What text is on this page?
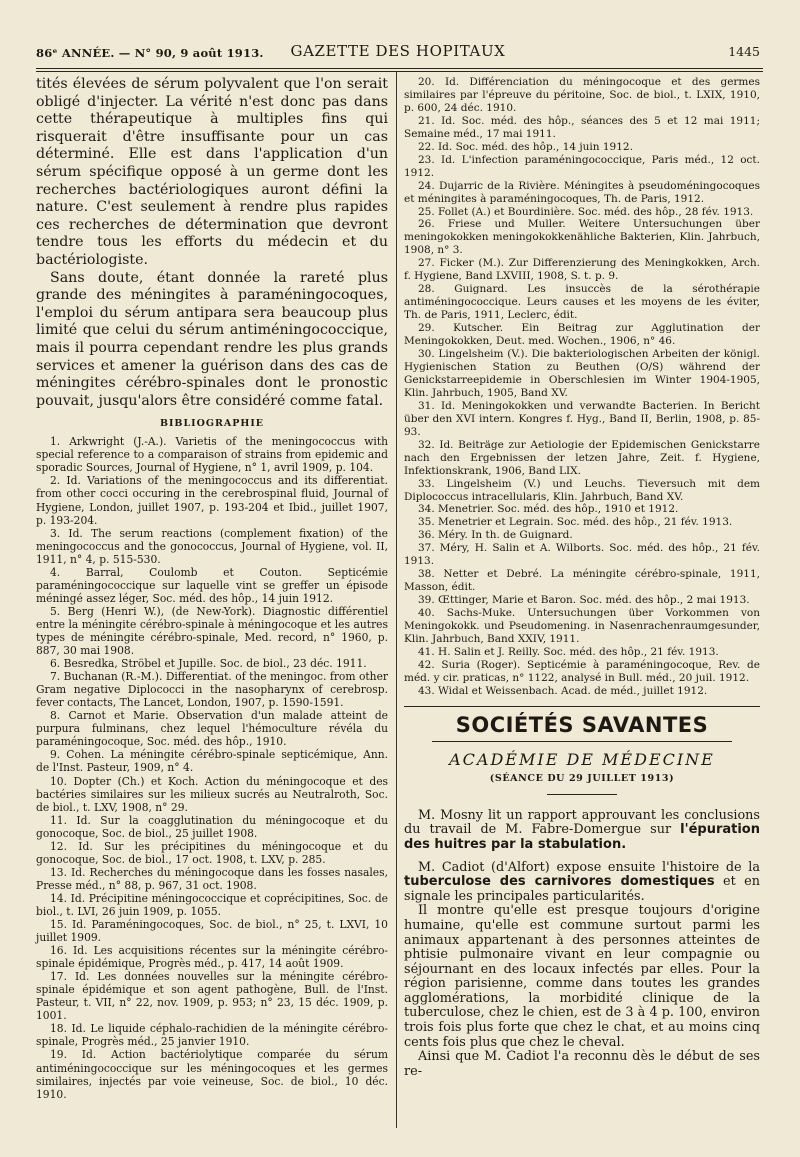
86ᵉ ANNÉE. — N° 90, 9 août 1913.	GAZETTE DES HOPITAUX	1445

tités élevées de sérum polyvalent que l'on serait obligé d'injecter. La vérité n'est donc pas dans cette thérapeutique à multiples fins qui risquerait d'être insuffisante pour un cas déterminé. Elle est dans l'application d'un sérum spécifique opposé à un germe dont les recherches bactériologiques auront défini la nature. C'est seulement à rendre plus rapides ces recherches de détermination que devront tendre tous les efforts du médecin et du bactériologiste.

Sans doute, étant donnée la rareté plus grande des méningites à paraméningocoques, l'emploi du sérum antipara sera beaucoup plus limité que celui du sérum antiméningococcique, mais il pourra cependant rendre les plus grands services et amener la guérison dans des cas de méningites cérébro-spinales dont le pronostic pouvait, jusqu'alors être considéré comme fatal.

BIBLIOGRAPHIE

1. Arkwright (J.-A.). Varietis of the meningococcus with special reference to a comparaison of strains from epidemic and sporadic Sources, Journal of Hygiene, n° 1, avril 1909, p. 104.

2. Id. Variations of the meningococcus and its differentiat. from other cocci occuring in the cerebrospinal fluid, Journal of Hygiene, London, juillet 1907, p. 193-204 et Ibid., juillet 1907, p. 193-204.

3. Id. The serum reactions (complement fixation) of the meningococcus and the gonococcus, Journal of Hygiene, vol. II, 1911, n° 4, p. 515-530.

4. Barral, Coulomb et Couton. Septicémie paraméningococcique sur laquelle vint se greffer un épisode méningé assez léger, Soc. méd. des hôp., 14 juin 1912.

5. Berg (Henri W.), (de New-York). Diagnostic différentiel entre la méningite cérébro-spinale à méningocoque et les autres types de méningite cérébro-spinale, Med. record, n° 1960, p. 887, 30 mai 1908.

6. Besredka, Ströbel et Jupille. Soc. de biol., 23 déc. 1911.

7. Buchanan (R.-M.). Differentiat. of the meningoc. from other Gram negative Diplococci in the nasopharynx of cerebrosp. fever contacts, The Lancet, London, 1907, p. 1590-1591.

8. Carnot et Marie. Observation d'un malade atteint de purpura fulminans, chez lequel l'hémoculture révéla du paraméningocoque, Soc. méd. des hôp., 1910.

9. Cohen. La méningite cérébro-spinale septicémique, Ann. de l'Inst. Pasteur, 1909, n° 4.

10. Dopter (Ch.) et Koch. Action du méningocoque et des bactéries similaires sur les milieux sucrés au Neutralroth, Soc. de biol., t. LXV, 1908, n° 29.

11. Id. Sur la coagglutination du méningocoque et du gonocoque, Soc. de biol., 25 juillet 1908.

12. Id. Sur les précipitines du méningocoque et du gonocoque, Soc. de biol., 17 oct. 1908, t. LXV, p. 285.

13. Id. Recherches du méningocoque dans les fosses nasales, Presse méd., n° 88, p. 967, 31 oct. 1908.

14. Id. Précipitine méningococcique et coprécipitines, Soc. de biol., t. LVI, 26 juin 1909, p. 1055.

15. Id. Paraméningocoques, Soc. de biol., n° 25, t. LXVI, 10 juillet 1909.

16. Id. Les acquisitions récentes sur la méningite cérébro-spinale épidémique, Progrès méd., p. 417, 14 août 1909.

17. Id. Les données nouvelles sur la méningite cérébro-spinale épidémique et son agent pathogène, Bull. de l'Inst. Pasteur, t. VII, n° 22, nov. 1909, p. 953; n° 23, 15 déc. 1909, p. 1001.

18. Id. Le liquide céphalo-rachidien de la méningite cérébro-spinale, Progrès méd., 25 janvier 1910.

19. Id. Action bactériolytique comparée du sérum antiméningococcique sur les méningocoques et les germes similaires, injectés par voie veineuse, Soc. de biol., 10 déc. 1910.

20. Id. Différenciation du méningocoque et des germes similaires par l'épreuve du péritoine, Soc. de biol., t. LXIX, 1910, p. 600, 24 déc. 1910.

21. Id. Soc. méd. des hôp., séances des 5 et 12 mai 1911; Semaine méd., 17 mai 1911.

22. Id. Soc. méd. des hôp., 14 juin 1912.

23. Id. L'infection paraméningococcique, Paris méd., 12 oct. 1912.

24. Dujarric de la Rivière. Méningites à pseudoméningocoques et méningites à paraméningocoques, Th. de Paris, 1912.

25. Follet (A.) et Bourdinière. Soc. méd. des hôp., 28 fév. 1913.

26. Friese und Muller. Weitere Untersuchungen über meningokokken meningokokkenähliche Bakterien, Klin. Jahrbuch, 1908, n° 3.

27. Ficker (M.). Zur Differenzierung des Meningkokken, Arch. f. Hygiene, Band LXVIII, 1908, S. t. p. 9.

28. Guignard. Les insuccès de la sérothérapie antiméningococcique. Leurs causes et les moyens de les éviter, Th. de Paris, 1911, Leclerc, édit.

29. Kutscher. Ein Beitrag zur Agglutination der Meningokokken, Deut. med. Wochen., 1906, n° 46.

30. Lingelsheim (V.). Die bakteriologischen Arbeiten der königl. Hygienischen Station zu Beuthen (O/S) während der Genickstarreepidemie in Oberschlesien im Winter 1904-1905, Klin. Jahrbuch, 1905, Band XV.

31. Id. Meningokokken und verwandte Bacterien. In Bericht über den XVI intern. Kongres f. Hyg., Band II, Berlin, 1908, p. 85-93.

32. Id. Beiträge zur Aetiologie der Epidemischen Genickstarre nach den Ergebnissen der letzen Jahre, Zeit. f. Hygiene, Infektionskrank, 1906, Band LIX.

33. Lingelsheim (V.) und Leuchs. Tieversuch mit dem Diplococcus intracellularis, Klin. Jahrbuch, Band XV.

34. Menetrier. Soc. méd. des hôp., 1910 et 1912.

35. Menetrier et Legrain. Soc. méd. des hôp., 21 fév. 1913.

36. Méry. In th. de Guignard.

37. Méry, H. Salin et A. Wilborts. Soc. méd. des hôp., 21 fév. 1913.

38. Netter et Debré. La méningite cérébro-spinale, 1911, Masson, édit.

39. Œttinger, Marie et Baron. Soc. méd. des hôp., 2 mai 1913.

40. Sachs-Muke. Untersuchungen über Vorkommen von Meningokokk. und Pseudomening. in Nasenrachenraumgesunder, Klin. Jahrbuch, Band XXIV, 1911.

41. H. Salin et J. Reilly. Soc. méd. des hôp., 21 fév. 1913.

42. Suria (Roger). Septicémie à paraméningocoque, Rev. de méd. y cir. praticas, n° 1122, analysé in Bull. méd., 20 juil. 1912.

43. Widal et Weissenbach. Acad. de méd., juillet 1912.

SOCIÉTÉS SAVANTES
ACADÉMIE DE MÉDECINE
(SÉANCE DU 29 JUILLET 1913)

M. Mosny lit un rapport approuvant les conclusions du travail de M. Fabre-Domergue sur l'épuration des huitres par la stabulation.

M. Cadiot (d'Alfort) expose ensuite l'histoire de la tuberculose des carnivores domestiques et en signale les principales particularités.

Il montre qu'elle est presque toujours d'origine humaine, qu'elle est commune surtout parmi les animaux appartenant à des personnes atteintes de phtisie pulmonaire vivant en leur compagnie ou séjournant en des locaux infectés par elles. Pour la région parisienne, comme dans toutes les grandes agglomérations, la morbidité clinique de la tuberculose, chez le chien, est de 3 à 4 p. 100, environ trois fois plus forte que chez le chat, et au moins cinq cents fois plus que chez le cheval.

Ainsi que M. Cadiot l'a reconnu dès le début de ses re-
